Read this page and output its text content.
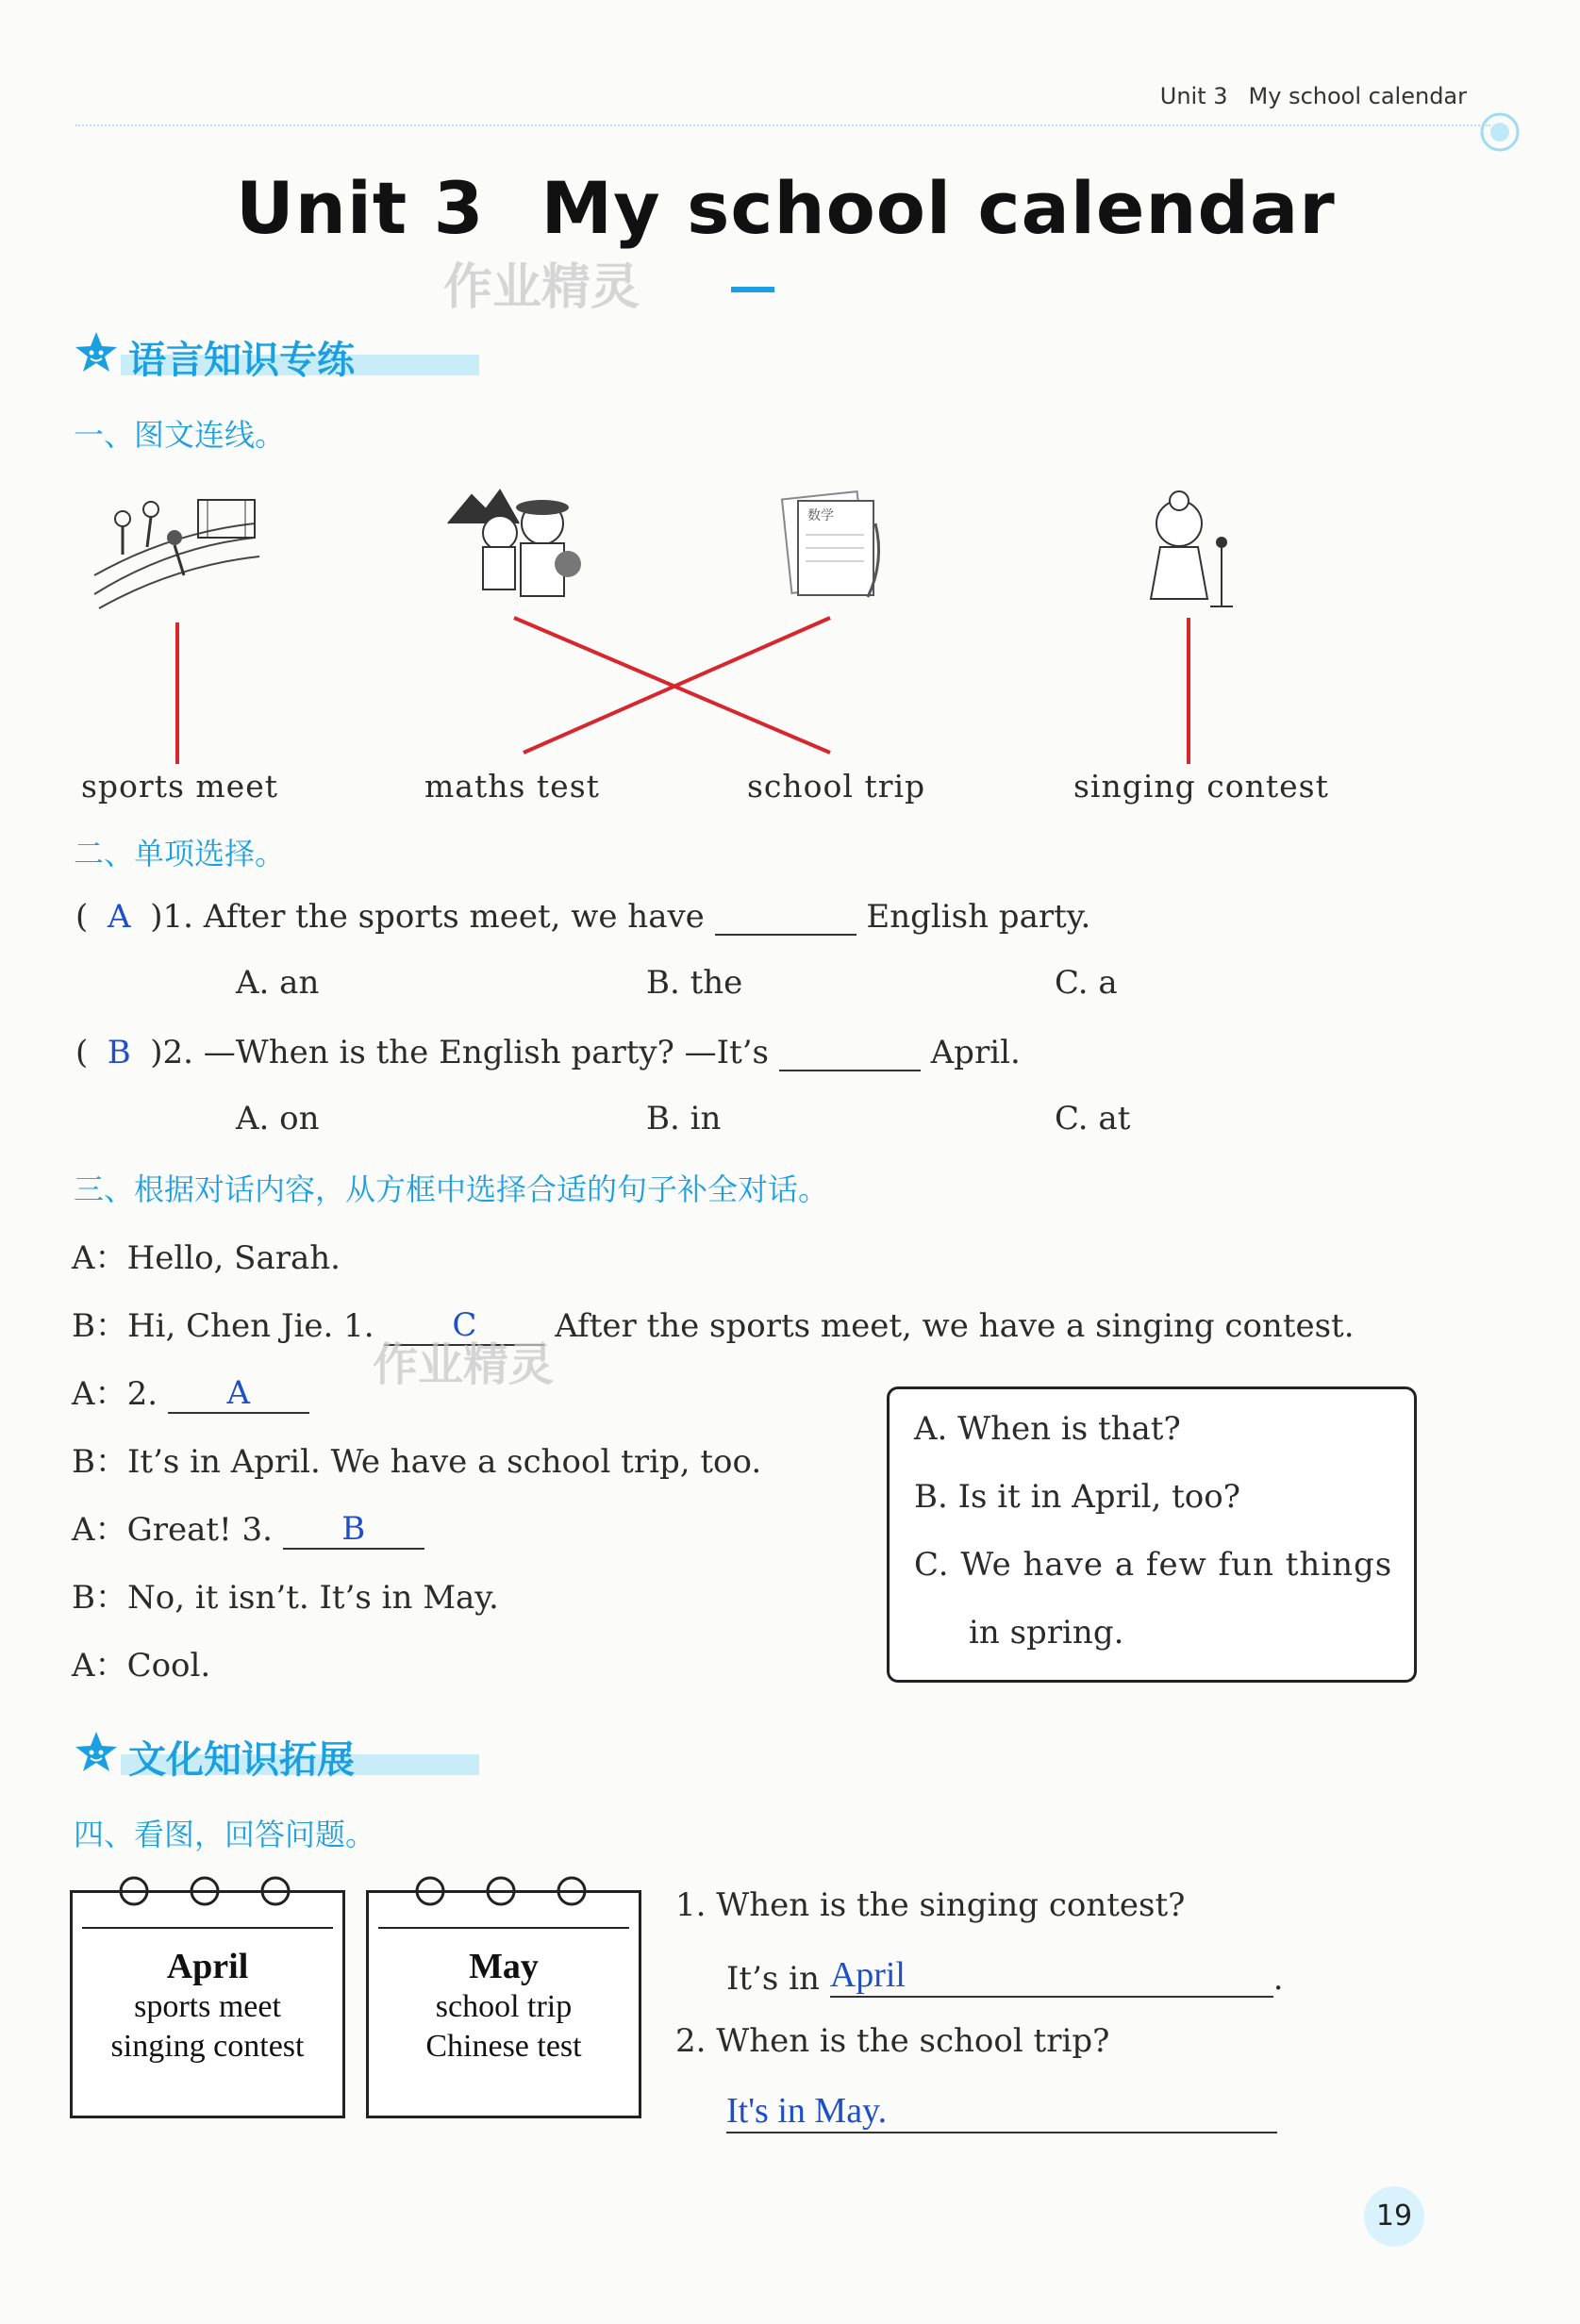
Unit 3 My school calendar
Unit 3 My school calendar
作业精灵
语言知识专练
一、图文连线。
数学
sports meet	maths test	school trip	singing contest
二、单项选择。
( A )1. After the sports meet, we have	English party.
A. an	B. the	C. a
( B )2. —When is the English party? —It’s	April.
A. on	B. in	C. at
三、根据对话内容，从方框中选择合适的句子补全对话。
A：Hello, Sarah.
B：Hi, Chen Jie. 1. C After the sports meet, we have a singing contest.
作业精灵
A：2. A
B：It’s in April. We have a school trip, too.
A：Great! 3. B
B：No, it isn’t. It’s in May.
A：Cool.
A. When is that?
B. Is it in April, too?
C. We have a few fun things
in spring.
文化知识拓展
四、看图，回答问题。
April
sports meet
singing contest
May
school trip
Chinese test
1. When is the singing contest?
It’s in April	.
2. When is the school trip?
It's in May.
19
